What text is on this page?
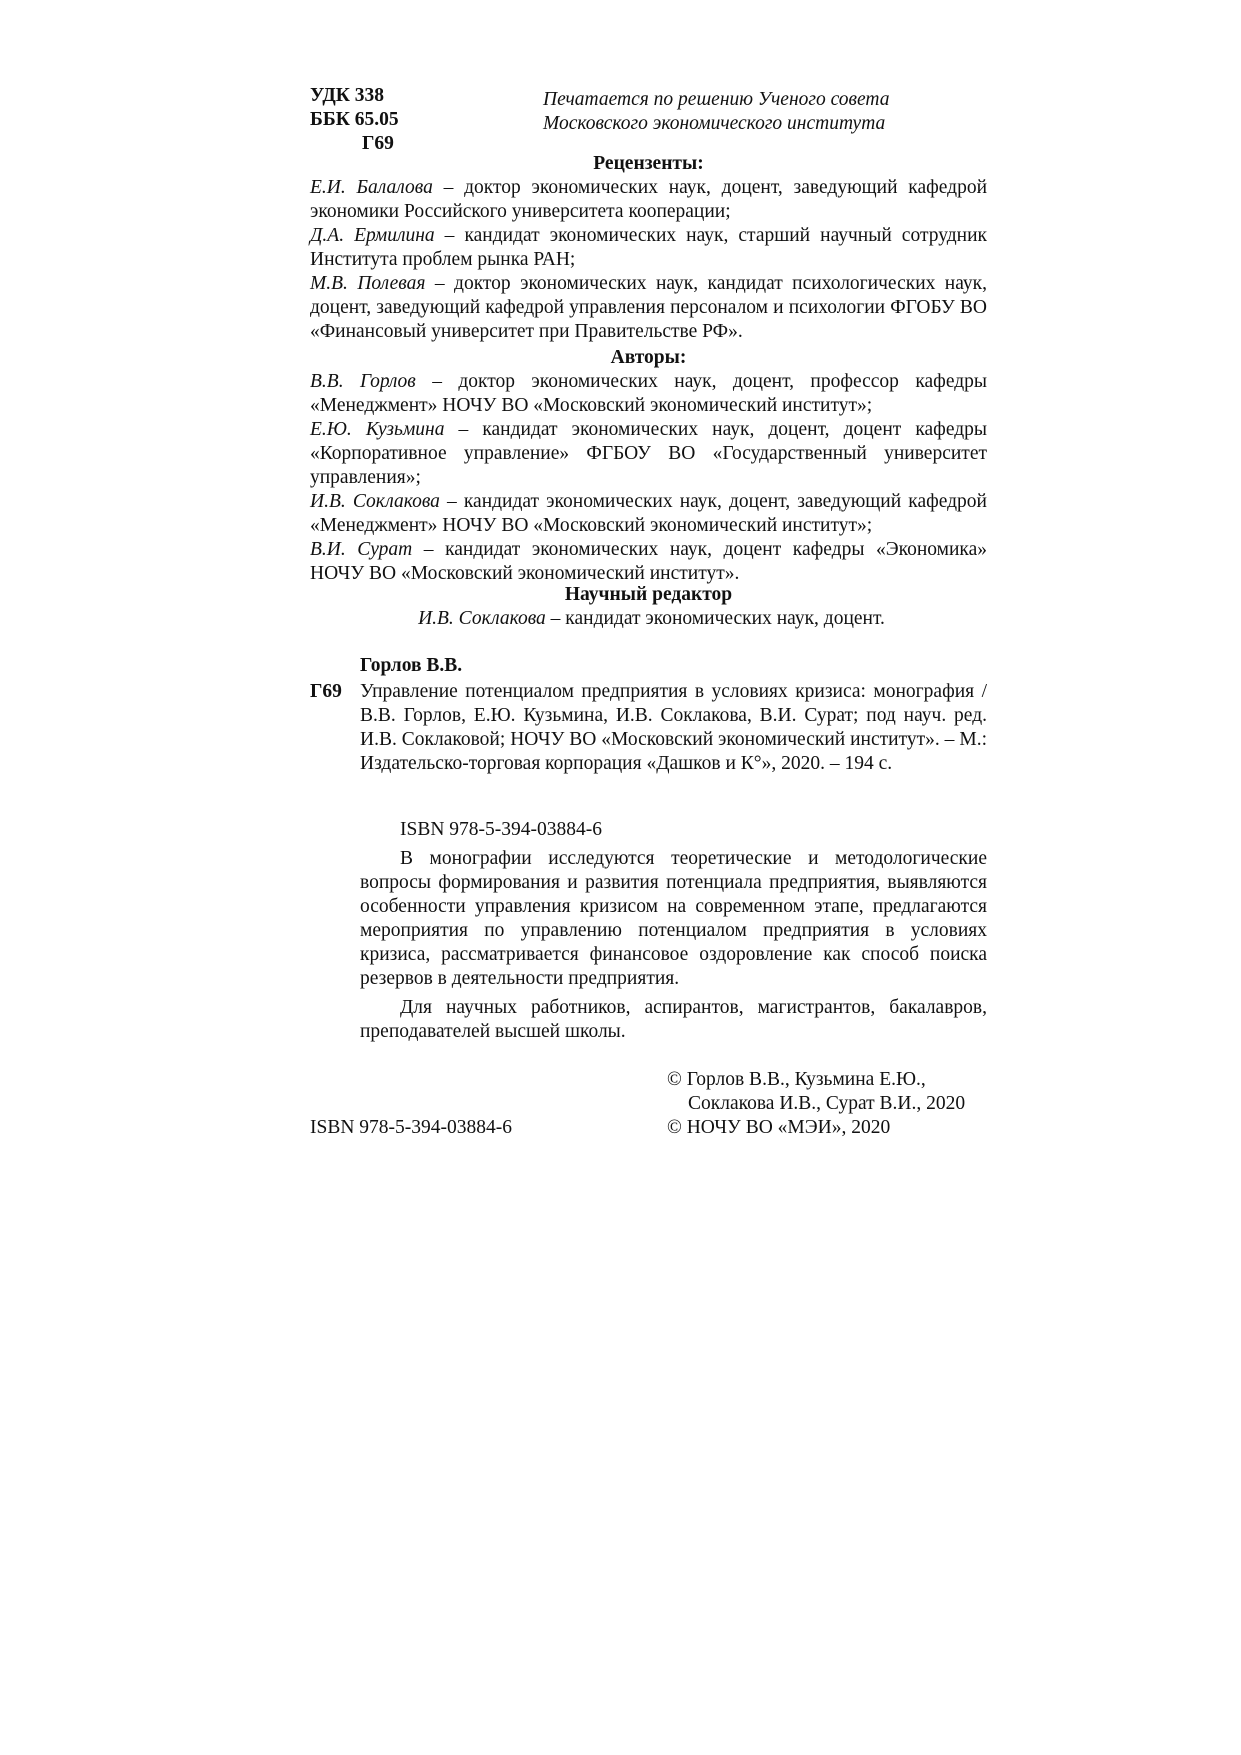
УДК 338
ББК 65.05
Г69
Печатается по решению Ученого совета
Московского экономического института
Рецензенты:
Е.И. Балалова – доктор экономических наук, доцент, заведующий кафедрой экономики Российского университета кооперации;
Д.А. Ермилина – кандидат экономических наук, старший научный сотрудник Института проблем рынка РАН;
М.В. Полевая – доктор экономических наук, кандидат психологических наук, доцент, заведующий кафедрой управления персоналом и психологии ФГОБУ ВО «Финансовый университет при Правительстве РФ».
Авторы:
В.В. Горлов – доктор экономических наук, доцент, профессор кафедры «Менеджмент» НОЧУ ВО «Московский экономический институт»;
Е.Ю. Кузьмина – кандидат экономических наук, доцент, доцент кафедры «Корпоративное управление» ФГБОУ ВО «Государственный университет управления»;
И.В. Соклакова – кандидат экономических наук, доцент, заведующий кафедрой «Менеджмент» НОЧУ ВО «Московский экономический институт»;
В.И. Сурат – кандидат экономических наук, доцент кафедры «Экономика» НОЧУ ВО «Московский экономический институт».
Научный редактор
И.В. Соклакова – кандидат экономических наук, доцент.
Горлов В.В.
Г69 Управление потенциалом предприятия в условиях кризиса: монография / В.В. Горлов, Е.Ю. Кузьмина, И.В. Соклакова, В.И. Сурат; под науч. ред. И.В. Соклаковой; НОЧУ ВО «Московский экономический институт». – М.: Издательско-торговая корпорация «Дашков и К°», 2020. – 194 с.
ISBN 978-5-394-03884-6

В монографии исследуются теоретические и методологические вопросы формирования и развития потенциала предприятия, выявляются особенности управления кризисом на современном этапе, предлагаются мероприятия по управлению потенциалом предприятия в условиях кризиса, рассматривается финансовое оздоровление как способ поиска резервов в деятельности предприятия.

Для научных работников, аспирантов, магистрантов, бакалавров, преподавателей высшей школы.

© Горлов В.В., Кузьмина Е.Ю.,
Соклакова И.В., Сурат В.И., 2020
© НОЧУ ВО «МЭИ», 2020
ISBN 978-5-394-03884-6
